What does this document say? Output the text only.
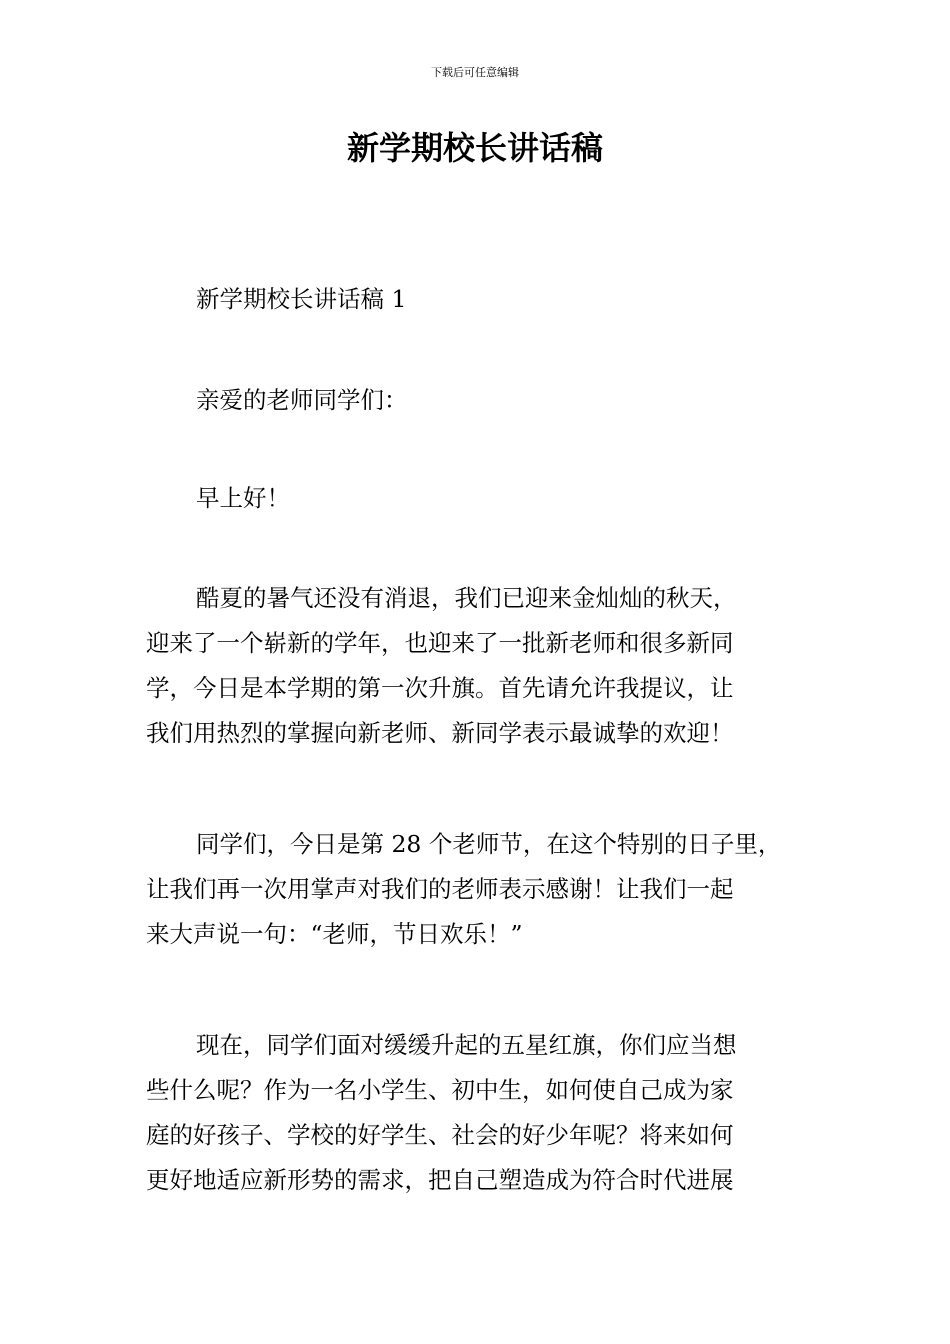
下载后可任意编辑
新学期校长讲话稿

新学期校长讲话稿 1

亲爱的老师同学们：

早上好！

酷夏的暑气还没有消退，我们已迎来金灿灿的秋天，
迎来了一个崭新的学年，也迎来了一批新老师和很多新同
学，今日是本学期的第一次升旗。首先请允许我提议，让
我们用热烈的掌握向新老师、新同学表示最诚挚的欢迎！

同学们，今日是第 28 个老师节，在这个特别的日子里，
让我们再一次用掌声对我们的老师表示感谢！让我们一起
来大声说一句：“老师，节日欢乐！”

现在，同学们面对缓缓升起的五星红旗，你们应当想
些什么呢？作为一名小学生、初中生，如何使自己成为家
庭的好孩子、学校的好学生、社会的好少年呢？将来如何
更好地适应新形势的需求，把自己塑造成为符合时代进展
